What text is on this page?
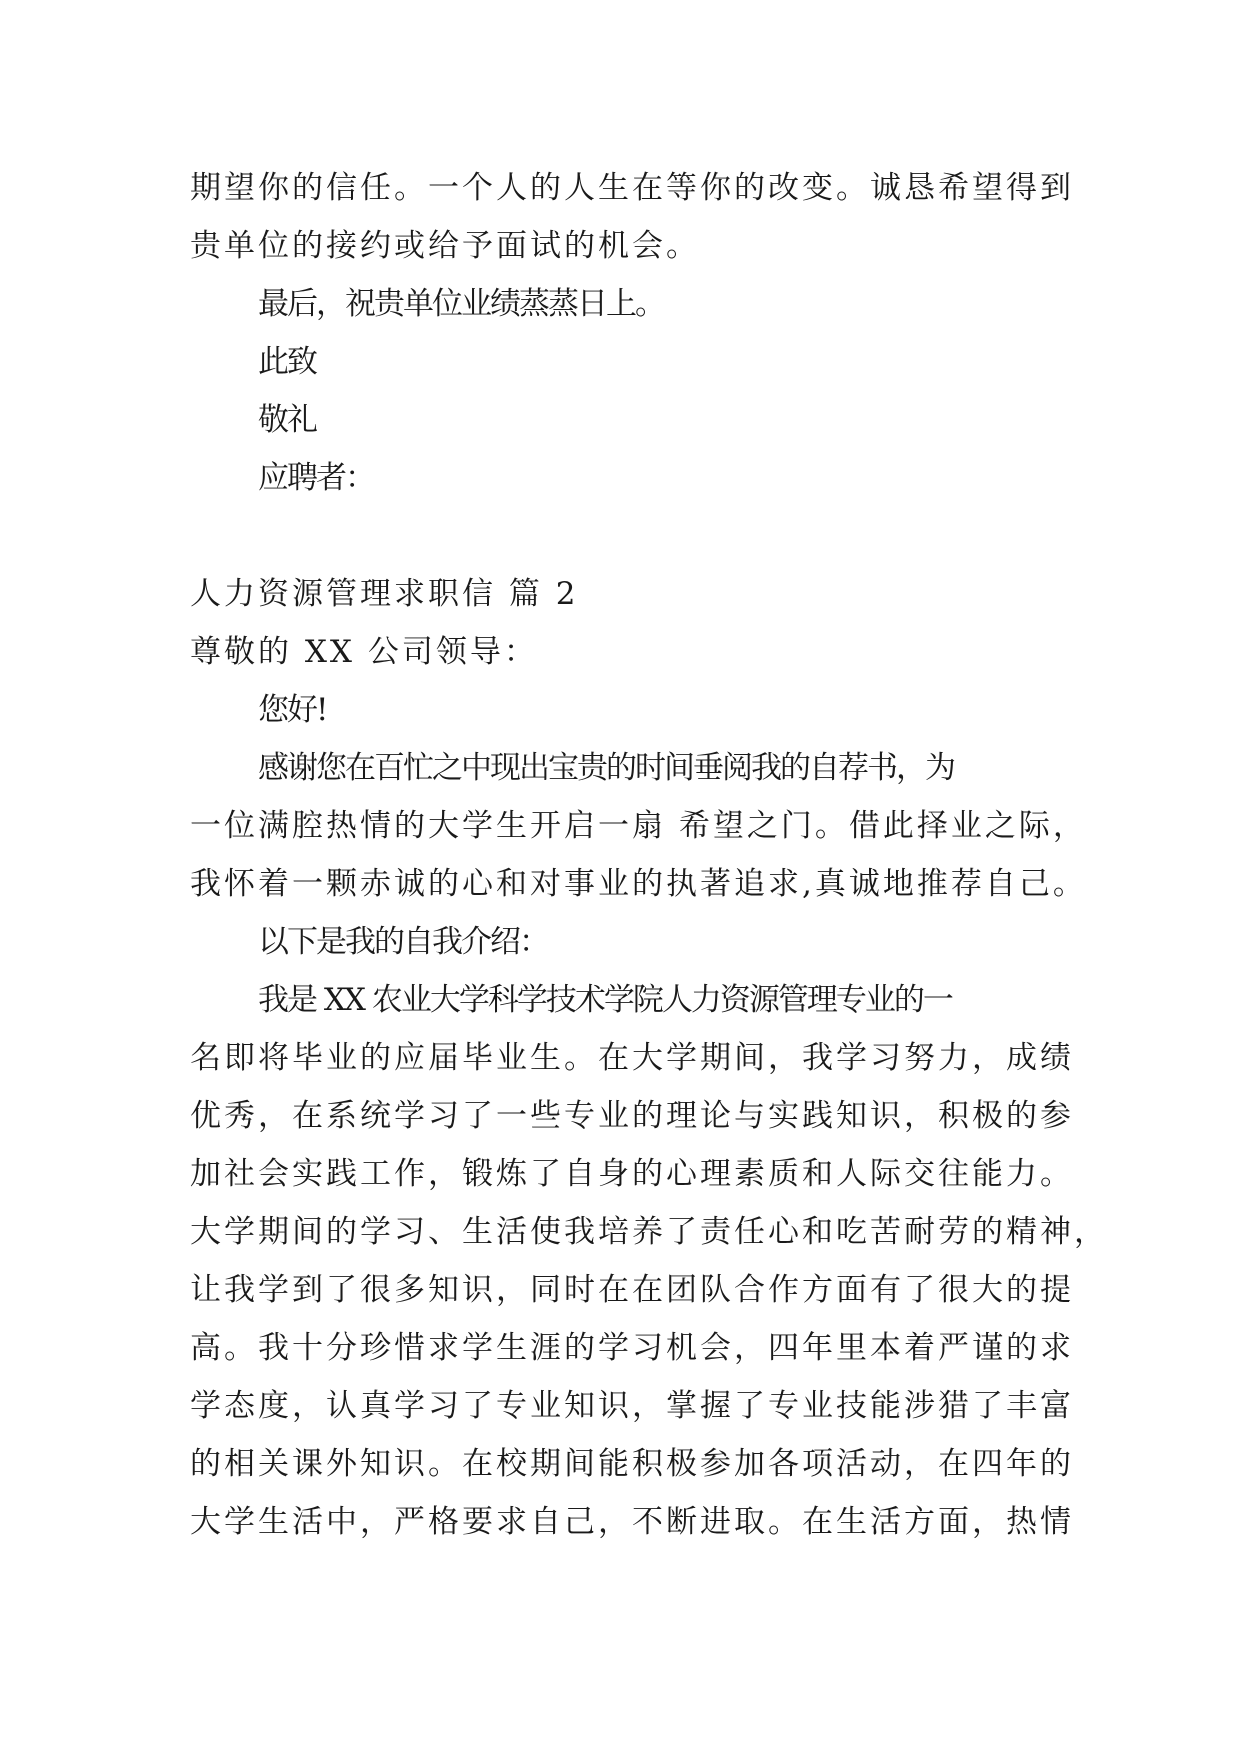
期望你的信任。一个人的人生在等你的改变。诚恳希望得到
贵单位的接约或给予面试的机会。
最后，祝贵单位业绩蒸蒸日上。
此致
敬礼
应聘者：
人力资源管理求职信 篇 2
尊敬的 XX 公司领导：
您好!
感谢您在百忙之中现出宝贵的时间垂阅我的自荐书，为
一位满腔热情的大学生开启一扇 希望之门。借此择业之际，
我怀着一颗赤诚的心和对事业的执著追求,真诚地推荐自己。
以下是我的自我介绍：
我是 XX 农业大学科学技术学院人力资源管理专业的一
名即将毕业的应届毕业生。在大学期间，我学习努力，成绩
优秀，在系统学习了一些专业的理论与实践知识，积极的参
加社会实践工作，锻炼了自身的心理素质和人际交往能力。
大学期间的学习、生活使我培养了责任心和吃苦耐劳的精神，
让我学到了很多知识，同时在在团队合作方面有了很大的提
高。我十分珍惜求学生涯的学习机会，四年里本着严谨的求
学态度，认真学习了专业知识，掌握了专业技能涉猎了丰富
的相关课外知识。在校期间能积极参加各项活动，在四年的
大学生活中，严格要求自己，不断进取。在生活方面，热情
